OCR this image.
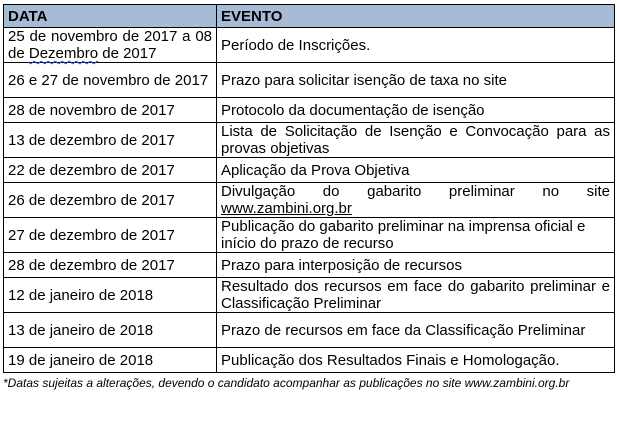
DATA	EVENTO
25 de novembro de 2017 a 08 de Dezembro de 2017	Período de Inscrições.
26 e 27 de novembro de 2017	Prazo para solicitar isenção de taxa no site
28 de novembro de 2017	Protocolo da documentação de isenção
13 de dezembro de 2017	Lista de Solicitação de Isenção e Convocação para as provas objetivas
22 de dezembro de 2017	Aplicação da Prova Objetiva
26 de dezembro de 2017	Divulgação do gabarito preliminar no site www.zambini.org.br
27 de dezembro de 2017	Publicação do gabarito preliminar na imprensa oficial e início do prazo de recurso
28 de dezembro de 2017	Prazo para interposição de recursos
12 de janeiro de 2018	Resultado dos recursos em face do gabarito preliminar e Classificação Preliminar
13 de janeiro de 2018	Prazo de recursos em face da Classificação Preliminar
19 de janeiro de 2018	Publicação dos Resultados Finais e Homologação.
*Datas sujeitas a alterações, devendo o candidato acompanhar as publicações no site www.zambini.org.br
